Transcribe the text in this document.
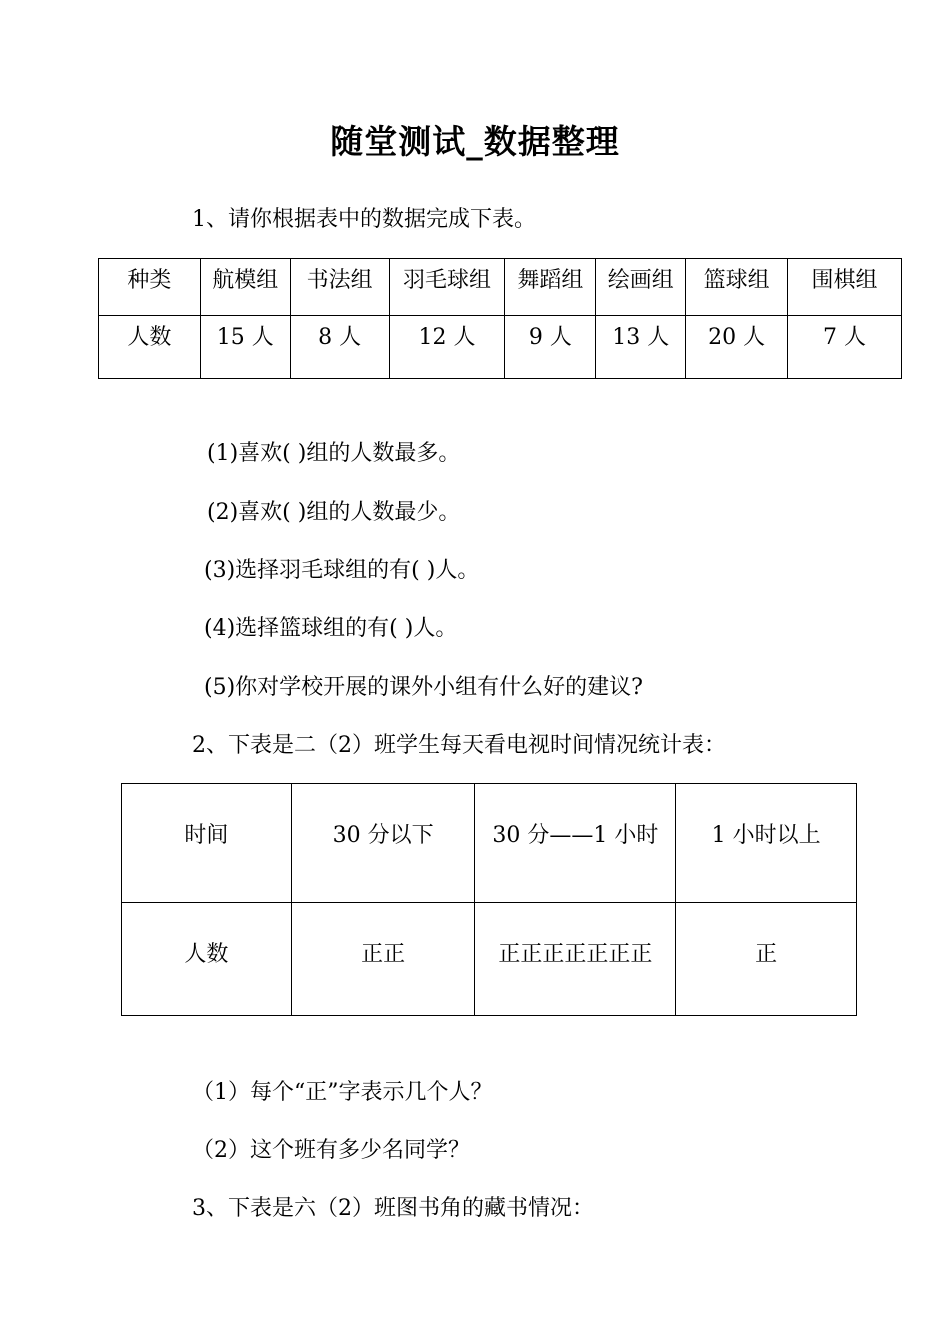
随堂测试_数据整理
1、请你根据表中的数据完成下表。
种类	航模组	书法组	羽毛球组	舞蹈组	绘画组	篮球组	围棋组
人数	15 人	8 人	12 人	9 人	13 人	20 人	7 人
(1)喜欢( )组的人数最多。
(2)喜欢( )组的人数最少。
(3)选择羽毛球组的有( )人。
(4)选择篮球组的有( )人。
(5)你对学校开展的课外小组有什么好的建议?
2、下表是二（2）班学生每天看电视时间情况统计表：
时间	30 分以下	30 分——1 小时	1 小时以上
人数	正正	正正正正正正正	正
（1）每个“正”字表示几个人？
（2）这个班有多少名同学？
3、下表是六（2）班图书角的藏书情况：
